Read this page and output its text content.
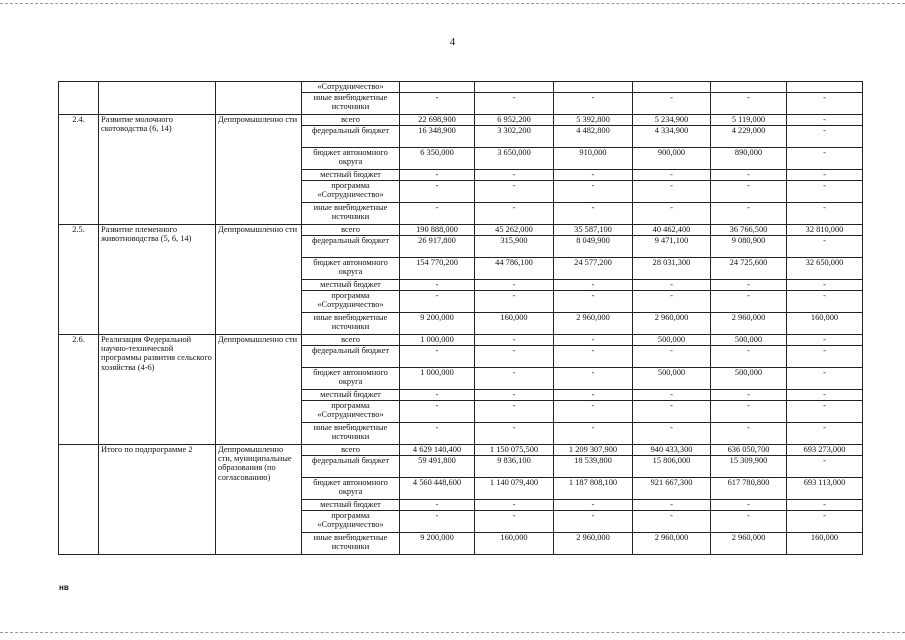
4
			«Сотрудничество»						
			иные внебюджетные источники	-	-	-	-	-	-
2.4.	Развитие молочного скотоводства (6, 14)	Деппромышленно сти	всего	22 698,900	6 952,200	5 392,800	5 234,900	5 119,000	-
			федеральный бюджет	16 348,900	3 302,200	4 482,800	4 334,900	4 229,000	-
			бюджет автономного округа	6 350,000	3 650,000	910,000	900,000	890,000	-
			местный бюджет	-	-	-	-	-	-
			программа «Сотрудничество»	-	-	-	-	-	-
			иные внебюджетные источники	-	-	-	-	-	-
2.5.	Развитие племенного животноводства (5, 6, 14)	Деппромышленно сти	всего	190 888,000	45 262,000	35 587,100	40 462,400	36 766,500	32 810,000
			федеральный бюджет	26 917,800	315,900	8 049,900	9 471,100	9 080,900	-
			бюджет автономного округа	154 770,200	44 786,100	24 577,200	28 031,300	24 725,600	32 650,000
			местный бюджет	-	-	-	-	-	-
			программа «Сотрудничество»	-	-	-	-	-	-
			иные внебюджетные источники	9 200,000	160,000	2 960,000	2 960,000	2 960,000	160,000
2.6.	Реализация Федеральной научно-технической программы развития сельского хозяйства (4-6)	Деппромышленно сти	всего	1 000,000	-	-	500,000	500,000	-
			федеральный бюджет	-	-	-	-	-	-
			бюджет автономного округа	1 000,000	-	-	500,000	500,000	-
			местный бюджет	-	-	-	-	-	-
			программа «Сотрудничество»	-	-	-	-	-	-
			иные внебюджетные источники	-	-	-	-	-	-
	Итого по подпрограмме 2	Деппромышленно сти, муниципальные образования (по согласованию)	всего	4 629 140,400	1 150 075,500	1 209 307,900	940 433,300	636 050,700	693 273,000
			федеральный бюджет	59 491,800	9 836,100	18 539,800	15 806,000	15 309,900	-
			бюджет автономного округа	4 560 448,600	1 140 079,400	1 187 808,100	921 667,300	617 780,800	693 113,000
			местный бюджет	-	-	-	-	-	-
			программа «Сотрудничество»	-	-	-	-	-	-
			иные внебюджетные источники	9 200,000	160,000	2 960,000	2 960,000	2 960,000	160,000
нв
